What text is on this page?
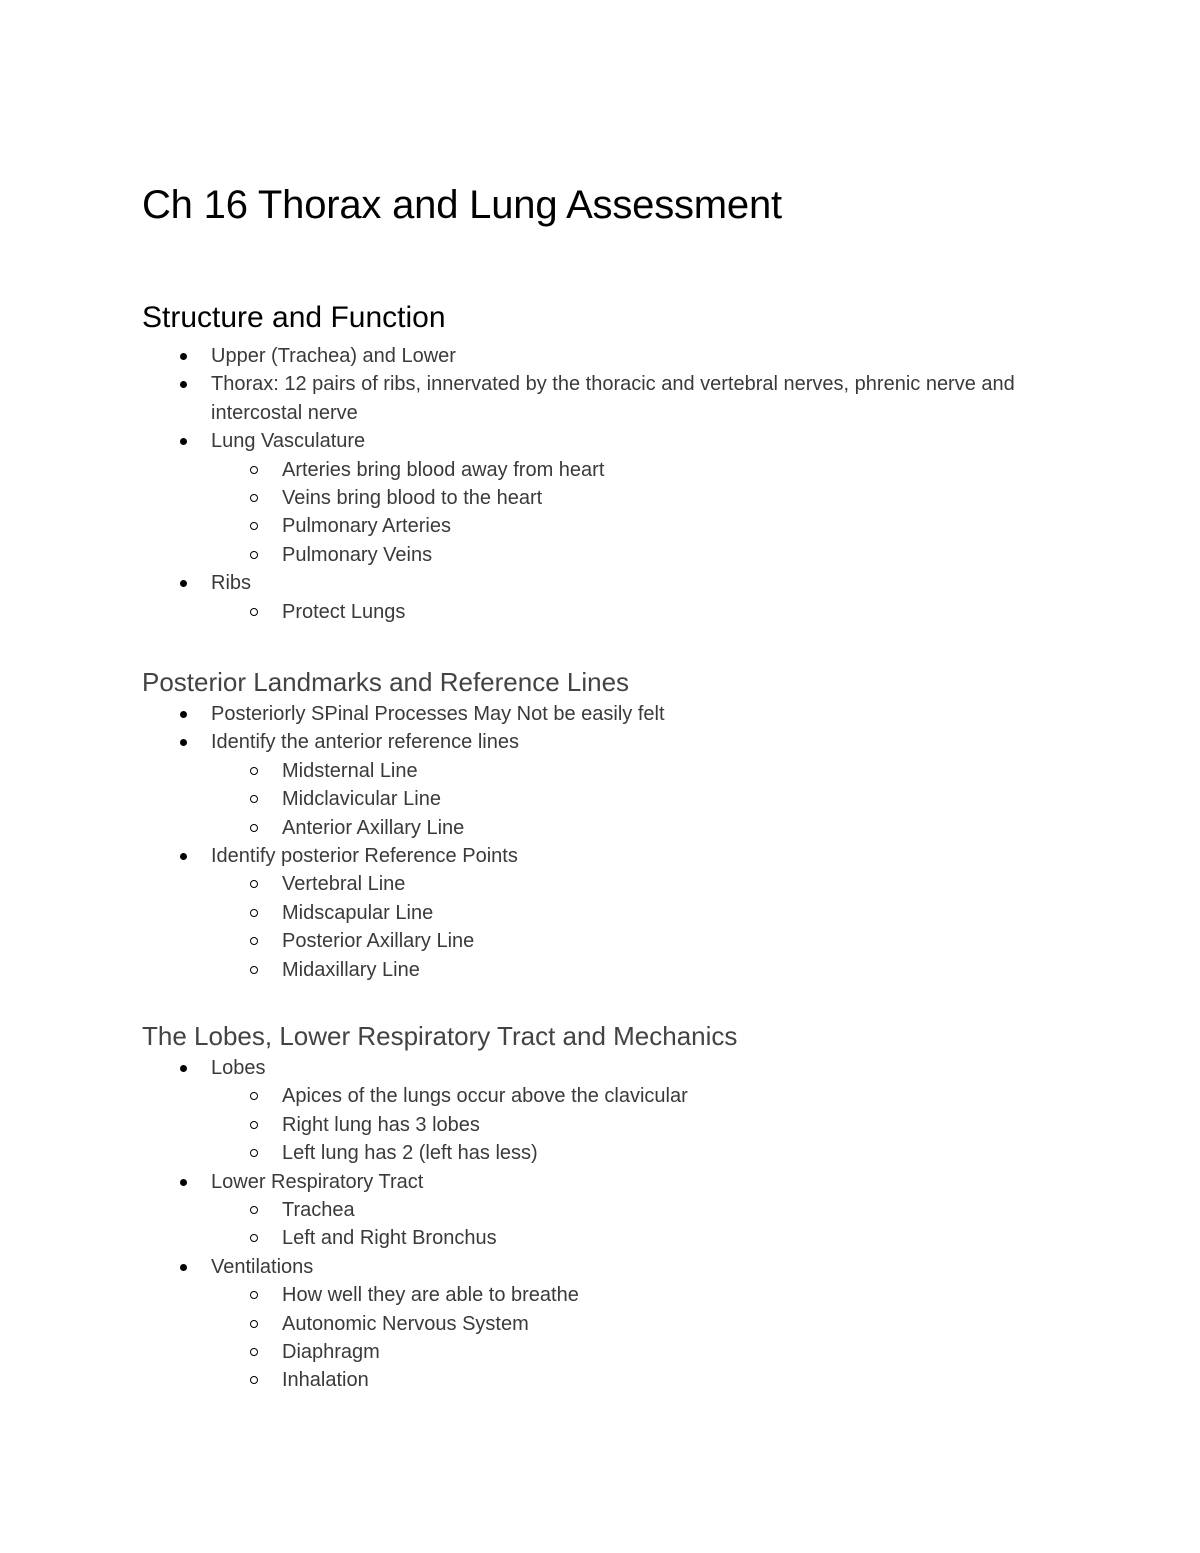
Ch 16 Thorax and Lung Assessment
Structure and Function
Upper (Trachea) and Lower
Thorax: 12 pairs of ribs, innervated by the thoracic and vertebral nerves, phrenic nerve and intercostal nerve
Lung Vasculature
Arteries bring blood away from heart
Veins bring blood to the heart
Pulmonary Arteries
Pulmonary Veins
Ribs
Protect Lungs
Posterior Landmarks and Reference Lines
Posteriorly SPinal Processes May Not be easily felt
Identify the anterior reference lines
Midsternal Line
Midclavicular Line
Anterior Axillary Line
Identify posterior Reference Points
Vertebral Line
Midscapular Line
Posterior Axillary Line
Midaxillary Line
The Lobes, Lower Respiratory Tract and Mechanics
Lobes
Apices of the lungs occur above the clavicular
Right lung has 3 lobes
Left lung has 2 (left has less)
Lower Respiratory Tract
Trachea
Left and Right Bronchus
Ventilations
How well they are able to breathe
Autonomic Nervous System
Diaphragm
Inhalation
